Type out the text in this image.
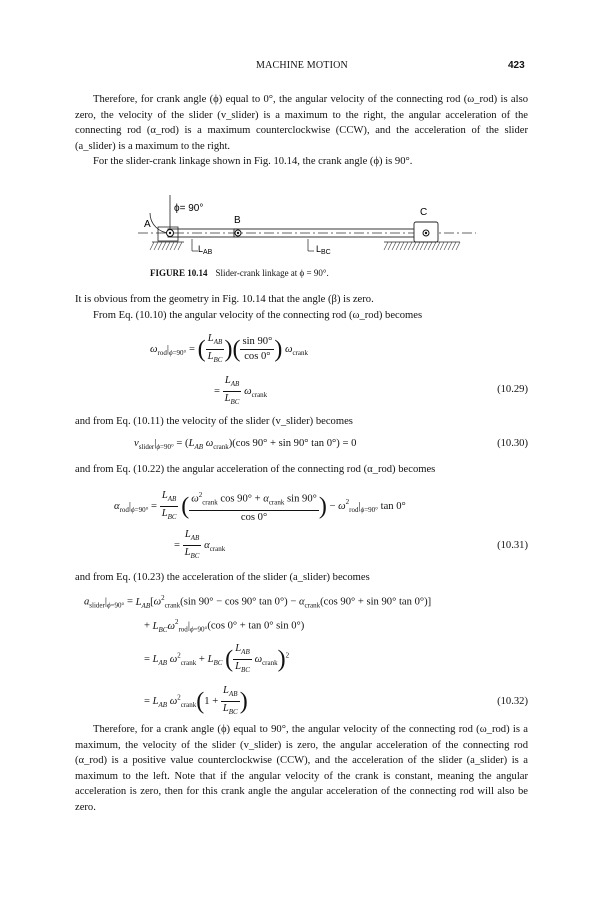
MACHINE MOTION	423

Therefore, for crank angle (ϕ) equal to 0°, the angular velocity of the connecting rod (ω_rod) is also zero, the velocity of the slider (v_slider) is a maximum to the right, the angular acceleration of the connecting rod (α_rod) is a maximum counterclockwise (CCW), and the acceleration of the slider (a_slider) is a maximum to the right.

For the slider-crank linkage shown in Fig. 10.14, the crank angle (ϕ) is 90°.

ϕ= 90°
A	B
C
$L_{AB}$	$L_{BC}$
FIGURE 10.14 Slider-crank linkage at ϕ = 90°.

It is obvious from the geometry in Fig. 10.14 that the angle (β) is zero.

From Eq. (10.10) the angular velocity of the connecting rod (ω_rod) becomes

$\omega_{rod}|_{\phi=90^\circ}$ = ( $\frac{L_{AB}}{L_{BC}}$ )( $\frac{\sin 90^\circ}{\cos 0^\circ}$ ) $\omega_{crank}$
= $\frac{L_{AB}}{L_{BC}} \omega_{crank}$
(10.29)

and from Eq. (10.11) the velocity of the slider (v_slider) becomes

$v_{slider}|_{\phi=90^\circ} = (L_{AB}$ $\omega_{crank})(\cos$ 90° + sin 90° tan 0°) = 0	(10.30)

and from Eq. (10.22) the angular acceleration of the connecting rod (α_rod) becomes

$\alpha_{rod}|_{\phi=90^\circ} = \frac{L_{AB}}{L_{BC}}$ ( $\frac{\omega^2_{crank} \cos 90^\circ + \alpha_{crank} \sin 90^\circ}{\cos 0^\circ}$ ) − $\omega^2_{rod}|_{\phi=90^\circ}$ tan 0°
= $\frac{L_{AB}}{L_{BC}} \alpha_{crank}$	(10.31)

and from Eq. (10.23) the acceleration of the slider (a_slider) becomes

$a_{slider}|_{\phi=90^\circ} = L_{AB}[\omega^2_{crank}(\sin$ 90° − cos 90° $\tan 0^\circ) - \alpha_{crank}(\cos$ 90° + sin 90° tan 0°)]
+ $L_{BC}\omega^2_{rod}|_{\phi=90^\circ}(\cos$ 0° + tan 0° sin 0°)
= $L_{AB}$ $\omega^2_{crank} + L_{BC}$ ( $\frac{L_{AB}}{L_{BC}} \omega_{crank})^2$
= $L_{AB}$ $\omega^2_{crank}(1 + \frac{L_{AB}}{L_{BC}}$ )	(10.32)

Therefore, for a crank angle (ϕ) equal to 90°, the angular velocity of the connecting rod (ω_rod) is a maximum, the velocity of the slider (v_slider) is zero, the angular acceleration of the connecting rod (α_rod) is a positive value counterclockwise (CCW), and the acceleration of the slider (a_slider) is a maximum to the left. Note that if the angular velocity of the crank is constant, meaning the angular acceleration is zero, then for this crank angle the angular acceleration of the connecting rod will also be zero.
